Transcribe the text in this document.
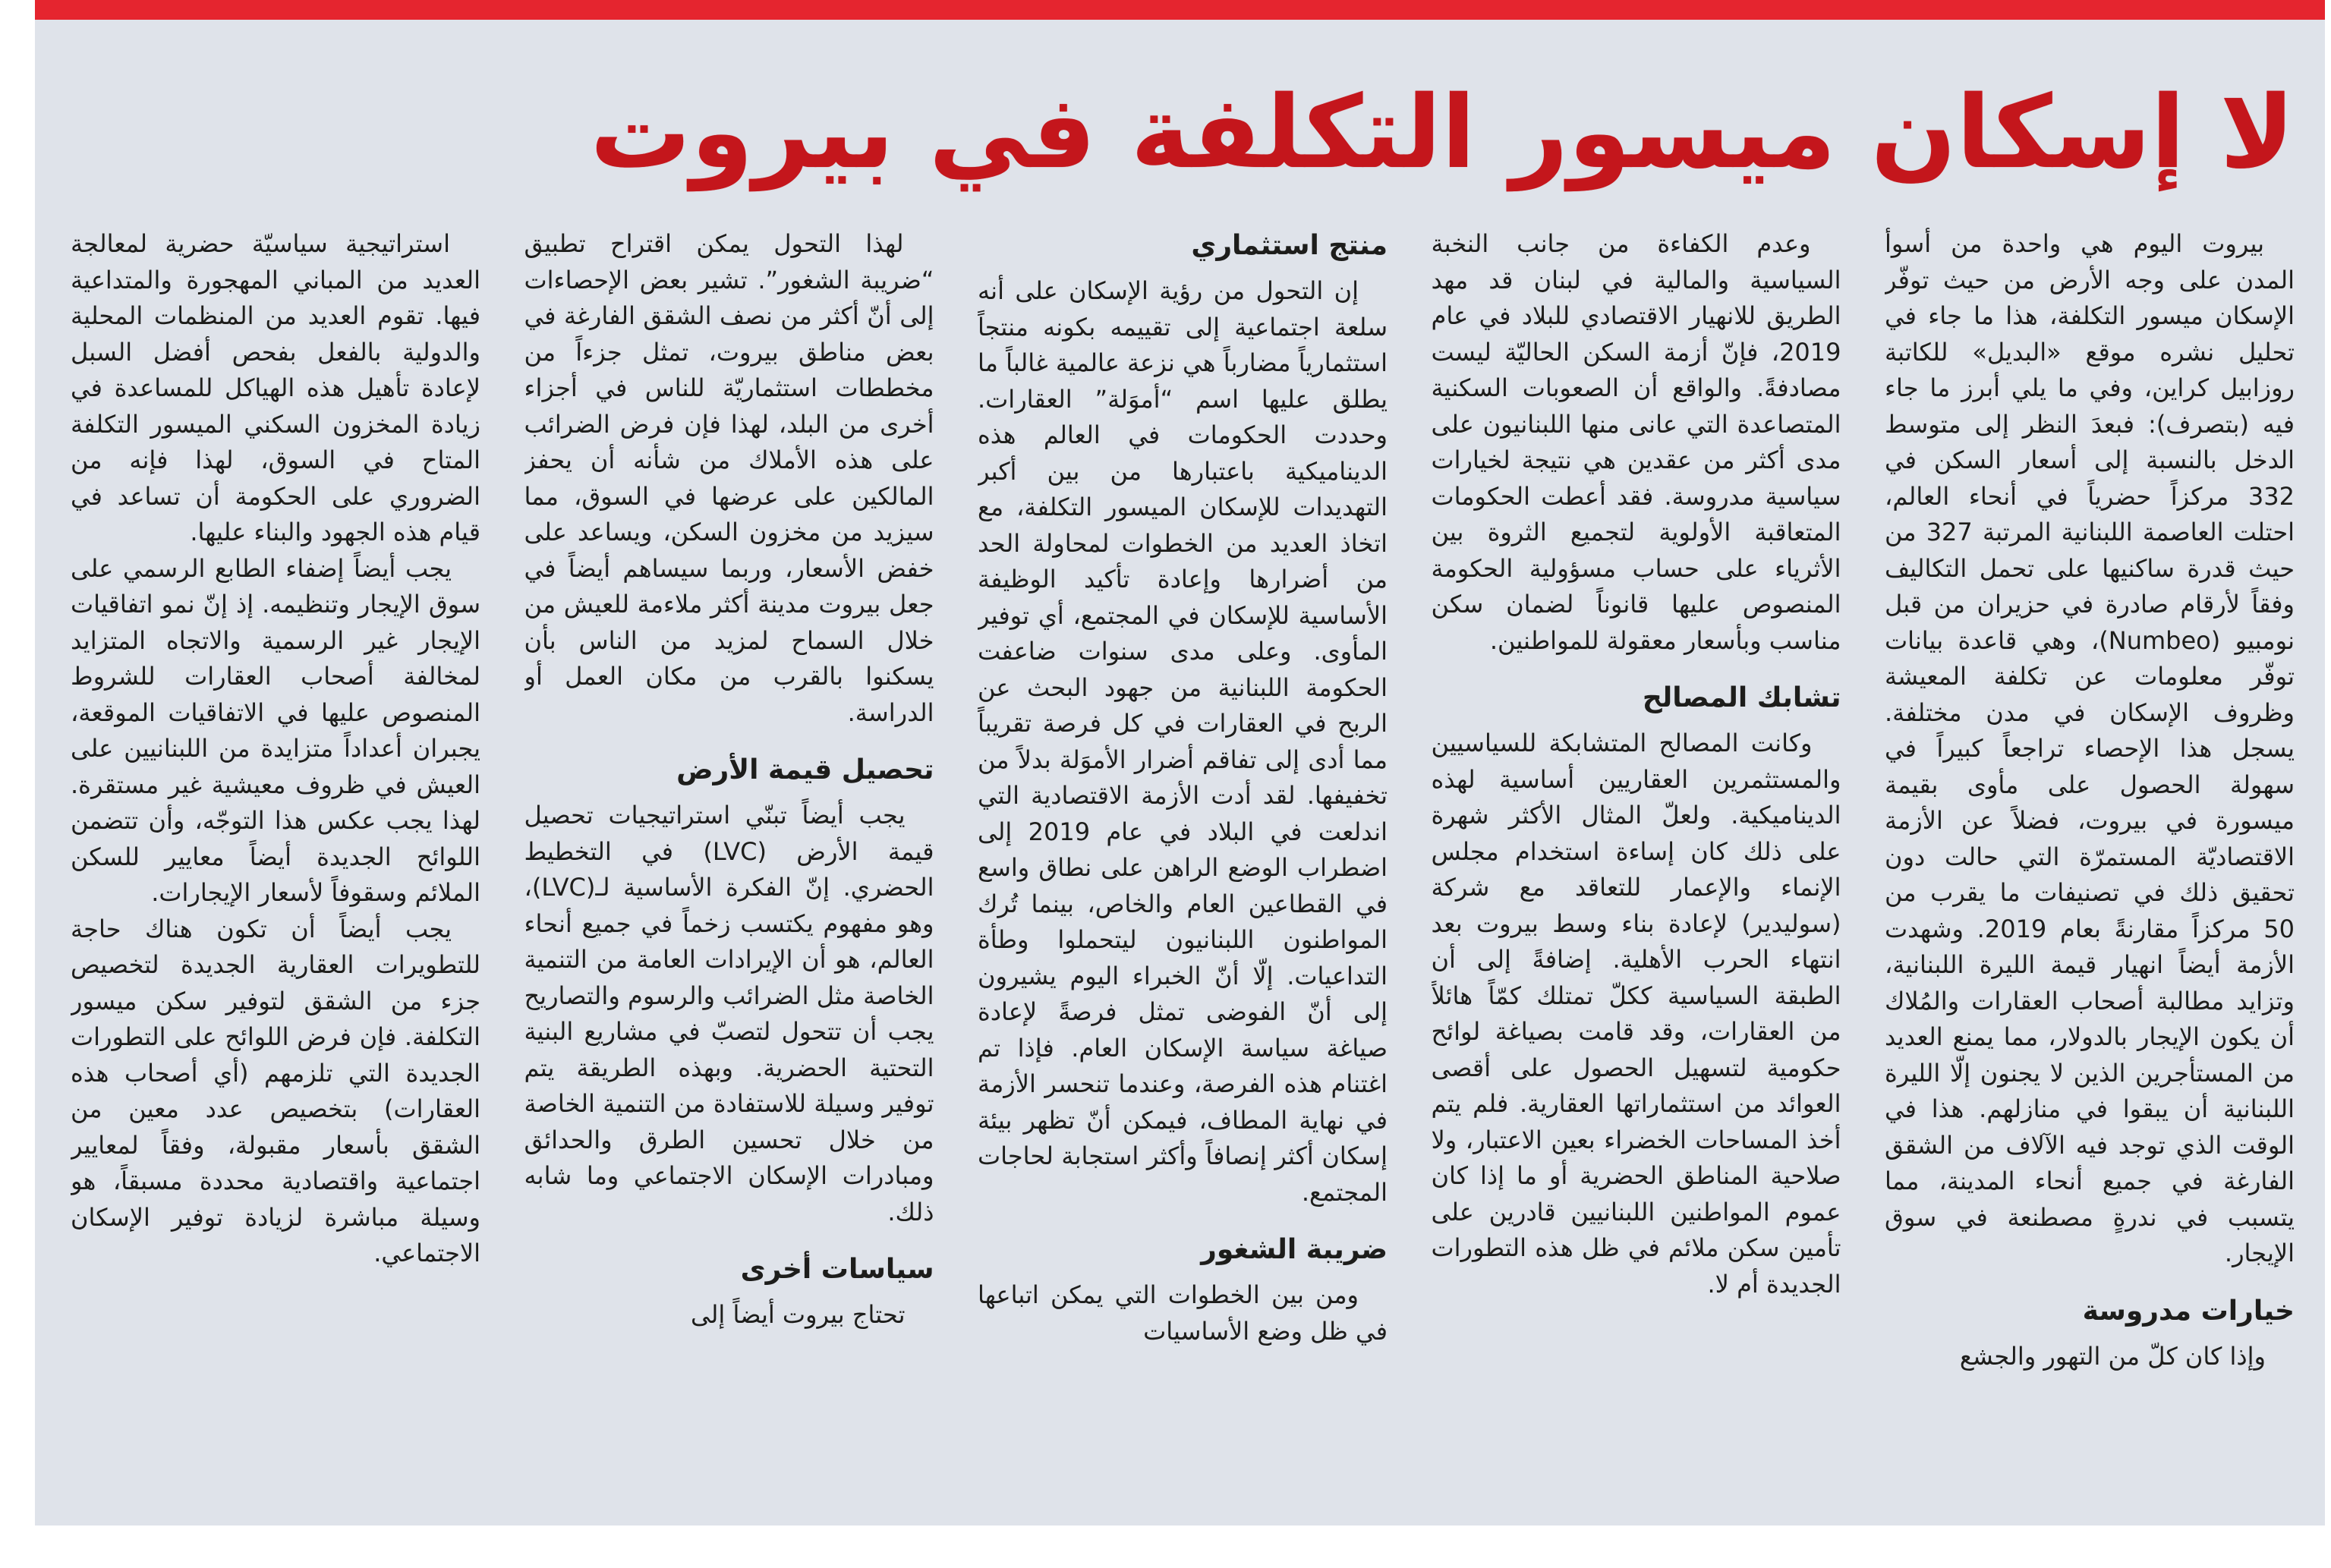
لا إسكان ميسور التكلفة في بيروت

بيروت اليوم هي واحدة من أسوأ المدن على وجه الأرض من حيث توفّر الإسكان ميسور التكلفة، هذا ما جاء في تحليل نشره موقع «البديل» للكاتبة روزابيل كراين، وفي ما يلي أبرز ما جاء فيه (بتصرف): فبعدَ النظر إلى متوسط الدخل بالنسبة إلى أسعار السكن في 332 مركزاً حضرياً في أنحاء العالم، احتلت العاصمة اللبنانية المرتبة 327 من حيث قدرة ساكنيها على تحمل التكاليف وفقاً لأرقام صادرة في حزيران من قبل نومبيو (Numbeo)، وهي قاعدة بيانات توفّر معلومات عن تكلفة المعيشة وظروف الإسكان في مدن مختلفة. يسجل هذا الإحصاء تراجعاً كبيراً في سهولة الحصول على مأوى بقيمة ميسورة في بيروت، فضلاً عن الأزمة الاقتصاديّة المستمرّة التي حالت دون تحقيق ذلك في تصنيفات ما يقرب من 50 مركزاً مقارنةً بعام 2019. وشهدت الأزمة أيضاً انهيار قيمة الليرة اللبنانية، وتزايد مطالبة أصحاب العقارات والمُلاك أن يكون الإيجار بالدولار، مما يمنع العديد من المستأجرين الذين لا يجنون إلّا الليرة اللبنانية أن يبقوا في منازلهم. هذا في الوقت الذي توجد فيه الآلاف من الشقق الفارغة في جميع أنحاء المدينة، مما يتسبب في ندرةٍ مصطنعة في سوق الإيجار.

خيارات مدروسة

وإذا كان كلّ من التهور والجشع

وعدم الكفاءة من جانب النخبة السياسية والمالية في لبنان قد مهد الطريق للانهيار الاقتصادي للبلاد في عام 2019، فإنّ أزمة السكن الحاليّة ليست مصادفةً. والواقع أن الصعوبات السكنية المتصاعدة التي عانى منها اللبنانيون على مدى أكثر من عقدين هي نتيجة لخيارات سياسية مدروسة. فقد أعطت الحكومات المتعاقبة الأولوية لتجميع الثروة بين الأثرياء على حساب مسؤولية الحكومة المنصوص عليها قانوناً لضمان سكن مناسب وبأسعار معقولة للمواطنين.

تشابك المصالح

وكانت المصالح المتشابكة للسياسيين والمستثمرين العقاريين أساسية لهذه الديناميكية. ولعلّ المثال الأكثر شهرة على ذلك كان إساءة استخدام مجلس الإنماء والإعمار للتعاقد مع شركة (سوليدير) لإعادة بناء وسط بيروت بعد انتهاء الحرب الأهلية. إضافةً إلى أن الطبقة السياسية ككلّ تمتلك كمّاً هائلاً من العقارات، وقد قامت بصياغة لوائح حكومية لتسهيل الحصول على أقصى العوائد من استثماراتها العقارية. فلم يتم أخذ المساحات الخضراء بعين الاعتبار، ولا صلاحية المناطق الحضرية أو ما إذا كان عموم المواطنين اللبنانيين قادرين على تأمين سكن ملائم في ظل هذه التطورات الجديدة أم لا.

منتج استثماري

إن التحول من رؤية الإسكان على أنه سلعة اجتماعية إلى تقييمه بكونه منتجاً استثمارياً مضارباً هي نزعة عالمية غالباً ما يطلق عليها اسم “أموَلة” العقارات. وحددت الحكومات في العالم هذه الديناميكية باعتبارها من بين أكبر التهديدات للإسكان الميسور التكلفة، مع اتخاذ العديد من الخطوات لمحاولة الحد من أضرارها وإعادة تأكيد الوظيفة الأساسية للإسكان في المجتمع، أي توفير المأوى. وعلى مدى سنوات ضاعفت الحكومة اللبنانية من جهود البحث عن الربح في العقارات في كل فرصة تقريباً مما أدى إلى تفاقم أضرار الأموَلة بدلاً من تخفيفها. لقد أدت الأزمة الاقتصادية التي اندلعت في البلاد في عام 2019 إلى اضطراب الوضع الراهن على نطاق واسع في القطاعين العام والخاص، بينما تُرك المواطنون اللبنانيون ليتحملوا وطأة التداعيات. إلّا أنّ الخبراء اليوم يشيرون إلى أنّ الفوضى تمثل فرصةً لإعادة صياغة سياسة الإسكان العام. فإذا تم اغتنام هذه الفرصة، وعندما تنحسر الأزمة في نهاية المطاف، فيمكن أنّ تظهر بيئة إسكان أكثر إنصافاً وأكثر استجابة لحاجات المجتمع.

ضريبة الشغور

ومن بين الخطوات التي يمكن اتباعها في ظل وضع الأساسيات

لهذا التحول يمكن اقتراح تطبيق “ضريبة الشغور”. تشير بعض الإحصاءات إلى أنّ أكثر من نصف الشقق الفارغة في بعض مناطق بيروت، تمثل جزءاً من مخططات استثماريّة للناس في أجزاء أخرى من البلد، لهذا فإن فرض الضرائب على هذه الأملاك من شأنه أن يحفز المالكين على عرضها في السوق، مما سيزيد من مخزون السكن، ويساعد على خفض الأسعار، وربما سيساهم أيضاً في جعل بيروت مدينة أكثر ملاءمة للعيش من خلال السماح لمزيد من الناس بأن يسكنوا بالقرب من مكان العمل أو الدراسة.

تحصيل قيمة الأرض

يجب أيضاً تبنّي استراتيجيات تحصيل قيمة الأرض (LVC) في التخطيط الحضري. إنّ الفكرة الأساسية لـ(LVC)، وهو مفهوم يكتسب زخماً في جميع أنحاء العالم، هو أن الإيرادات العامة من التنمية الخاصة مثل الضرائب والرسوم والتصاريح يجب أن تتحول لتصبّ في مشاريع البنية التحتية الحضرية. وبهذه الطريقة يتم توفير وسيلة للاستفادة من التنمية الخاصة من خلال تحسين الطرق والحدائق ومبادرات الإسكان الاجتماعي وما شابه ذلك.

سياسات أخرى

تحتاج بيروت أيضاً إلى

استراتيجية سياسيّة حضرية لمعالجة العديد من المباني المهجورة والمتداعية فيها. تقوم العديد من المنظمات المحلية والدولية بالفعل بفحص أفضل السبل لإعادة تأهيل هذه الهياكل للمساعدة في زيادة المخزون السكني الميسور التكلفة المتاح في السوق، لهذا فإنه من الضروري على الحكومة أن تساعد في قيام هذه الجهود والبناء عليها.

يجب أيضاً إضفاء الطابع الرسمي على سوق الإيجار وتنظيمه. إذ إنّ نمو اتفاقيات الإيجار غير الرسمية والاتجاه المتزايد لمخالفة أصحاب العقارات للشروط المنصوص عليها في الاتفاقيات الموقعة، يجبران أعداداً متزايدة من اللبنانيين على العيش في ظروف معيشية غير مستقرة. لهذا يجب عكس هذا التوجّه، وأن تتضمن اللوائح الجديدة أيضاً معايير للسكن الملائم وسقوفاً لأسعار الإيجارات.

يجب أيضاً أن تكون هناك حاجة للتطويرات العقارية الجديدة لتخصيص جزء من الشقق لتوفير سكن ميسور التكلفة. فإن فرض اللوائح على التطورات الجديدة التي تلزمهم (أي أصحاب هذه العقارات) بتخصيص عدد معين من الشقق بأسعار مقبولة، وفقاً لمعايير اجتماعية واقتصادية محددة مسبقاً، هو وسيلة مباشرة لزيادة توفير الإسكان الاجتماعي.
